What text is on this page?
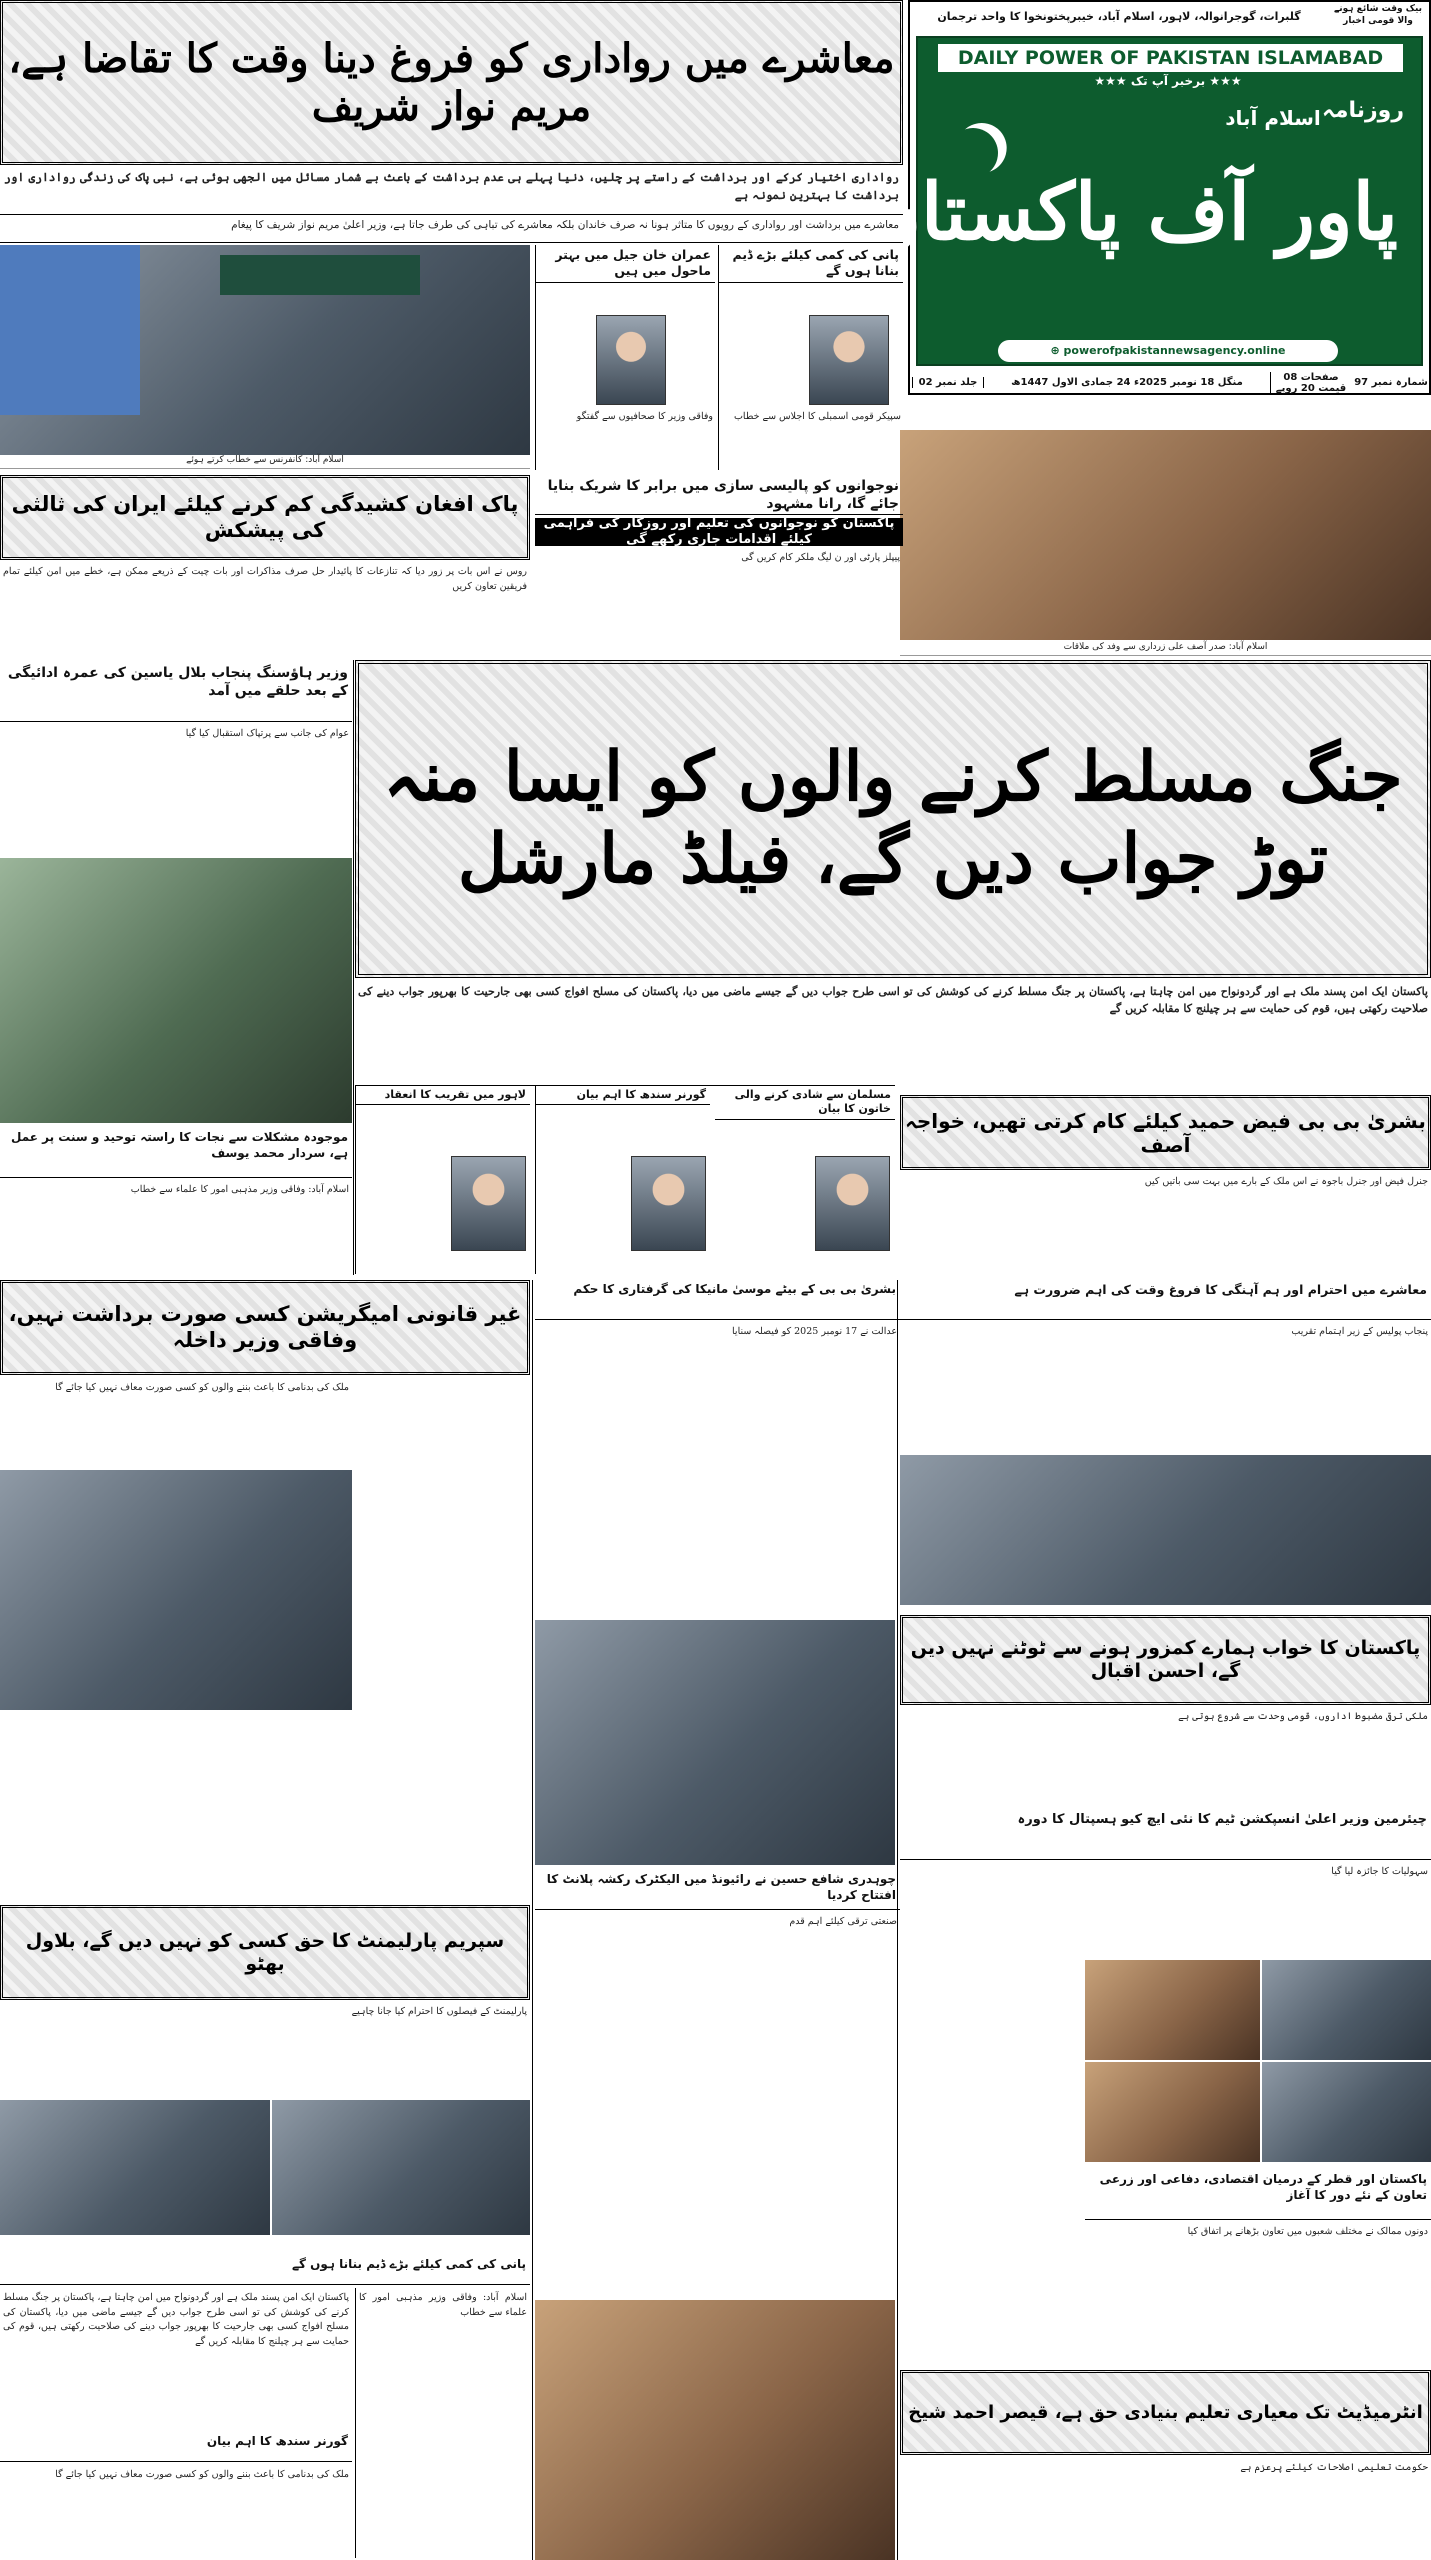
بیک وقت شائع ہونے والا قومی اخبار
گلبرات، گوجرانوالہ، لاہور، اسلام آباد، خیبرپختونخوا کا واحد ترجمان
DAILY POWER OF PAKISTAN ISLAMABAD
★★★ برخبر آپ تک ★★★
روزنامہ
اسلام آباد
پاور آف پاکستان
⊕ powerofpakistannewsagency.online
جلد نمبر 02	منگل 18 نومبر 2025ء 24 جمادی الاول 1447ھ	صفحات 08
قیمت 20 روپے شمارہ نمبر 97
معاشرے میں رواداری کو فروغ دینا وقت کا تقاضا ہے، مریم نواز شریف
رواداری اختیار کرکے اور برداشت کے راستے پر چلیں، دنیا پہلے ہی عدم برداشت کے باعث بے شمار مسائل میں الجھی ہوئی ہے، نبی پاک کی زندگی رواداری اور برداشت کا بہترین نمونہ ہے
معاشرے میں برداشت اور رواداری کے رویوں کا متاثر ہونا نہ صرف خاندان بلکہ معاشرے کی تباہی کی طرف جاتا ہے، وزیر اعلیٰ مریم نواز شریف کا پیغام
اسلام آباد: کانفرنس سے خطاب کرتے ہوئے
عمران خان جیل میں بہتر ماحول میں ہیں
وفاقی وزیر کا صحافیوں سے گفتگو
پانی کی کمی کیلئے بڑے ڈیم بنانا ہوں گے
سپیکر قومی اسمبلی کا اجلاس سے خطاب
اسلام آباد: صدر آصف علی زرداری سے وفد کی ملاقات
پاک افغان کشیدگی کم کرنے کیلئے ایران کی ثالثی کی پیشکش
روس نے اس بات پر زور دیا کہ تنازعات کا پائیدار حل صرف مذاکرات اور بات چیت کے ذریعے ممکن ہے، خطے میں امن کیلئے تمام فریقین تعاون کریں
نوجوانوں کو پالیسی سازی میں برابر کا شریک بنایا جائے گا، رانا مشہود
پاکستان کو نوجوانوں کی تعلیم اور روزگار کی فراہمی کیلئے اقدامات جاری رکھے گی
پیپلز پارٹی اور ن لیگ ملکر کام کریں گی
جنگ مسلط کرنے والوں کو ایسا منہ توڑ جواب دیں گے، فیلڈ مارشل
پاکستان ایک امن پسند ملک ہے اور گردونواح میں امن چاہتا ہے، پاکستان پر جنگ مسلط کرنے کی کوشش کی تو اسی طرح جواب دیں گے جیسے ماضی میں دیا، پاکستان کی مسلح افواج کسی بھی جارحیت کا بھرپور جواب دینے کی صلاحیت رکھتی ہیں، قوم کی حمایت سے ہر چیلنج کا مقابلہ کریں گے
وزیر ہاؤسنگ پنجاب بلال یاسین کی عمرہ ادائیگی کے بعد حلقے میں آمد
عوام کی جانب سے پرتپاک استقبال کیا گیا
موجودہ مشکلات سے نجات کا راستہ توحید و سنت پر عمل ہے، سردار محمد یوسف
اسلام آباد: وفاقی وزیر مذہبی امور کا علماء سے خطاب
لاہور میں تقریب کا انعقاد	گورنر سندھ کا اہم بیان	مسلمان سے شادی کرنے والی خاتون کا بیان بشریٰ بی بی فیض حمید کیلئے کام کرتی تھیں، خواجہ آصف
جنرل فیض اور جنرل باجوہ نے اس ملک کے بارے میں بہت سی باتیں کیں
غیر قانونی امیگریشن کسی صورت برداشت نہیں، وفاقی وزیر داخلہ
ملک کی بدنامی کا باعث بننے والوں کو کسی صورت معاف نہیں کیا جائے گا
بشریٰ بی بی کے بیٹے موسیٰ مانیکا کی گرفتاری کا حکم
عدالت نے 17 نومبر 2025 کو فیصلہ سنایا
چوہدری شافع حسین نے رائیونڈ میں الیکٹرک رکشہ پلانٹ کا افتتاح کردیا
صنعتی ترقی کیلئے اہم قدم
معاشرے میں احترام اور ہم آہنگی کا فروغ وقت کی اہم ضرورت ہے
پنجاب پولیس کے زیر اہتمام تقریب
پاکستان کا خواب ہمارے کمزور ہونے سے ٹوٹنے نہیں دیں گے، احسن اقبال
ملکی ترقی مضبوط اداروں، قومی وحدت سے شروع ہوتی ہے
چیئرمین وزیر اعلیٰ انسپکشن ٹیم کا نئی ایچ کیو ہسپتال کا دورہ
سہولیات کا جائزہ لیا گیا
پاکستان اور قطر کے درمیان اقتصادی، دفاعی اور زرعی تعاون کے نئے دور کا آغاز
دونوں ممالک نے مختلف شعبوں میں تعاون بڑھانے پر اتفاق کیا
انٹرمیڈیٹ تک معیاری تعلیم بنیادی حق ہے، قیصر احمد شیخ
حکومت تعلیمی اصلاحات کیلئے پرعزم ہے
سپریم پارلیمنٹ کا حق کسی کو نہیں دیں گے، بلاول بھٹو
پارلیمنٹ کے فیصلوں کا احترام کیا جانا چاہیے
پانی کی کمی کیلئے بڑے ڈیم بنانا ہوں گے
پاکستان ایک امن پسند ملک ہے اور گردونواح میں امن چاہتا ہے، پاکستان پر جنگ مسلط کرنے کی کوشش کی تو اسی طرح جواب دیں گے جیسے ماضی میں دیا، پاکستان کی مسلح افواج کسی بھی جارحیت کا بھرپور جواب دینے کی صلاحیت رکھتی ہیں، قوم کی حمایت سے ہر چیلنج کا مقابلہ کریں گے
گورنر سندھ کا اہم بیان
ملک کی بدنامی کا باعث بننے والوں کو کسی صورت معاف نہیں کیا جائے گا
اسلام آباد: وفاقی وزیر مذہبی امور کا علماء سے خطاب
